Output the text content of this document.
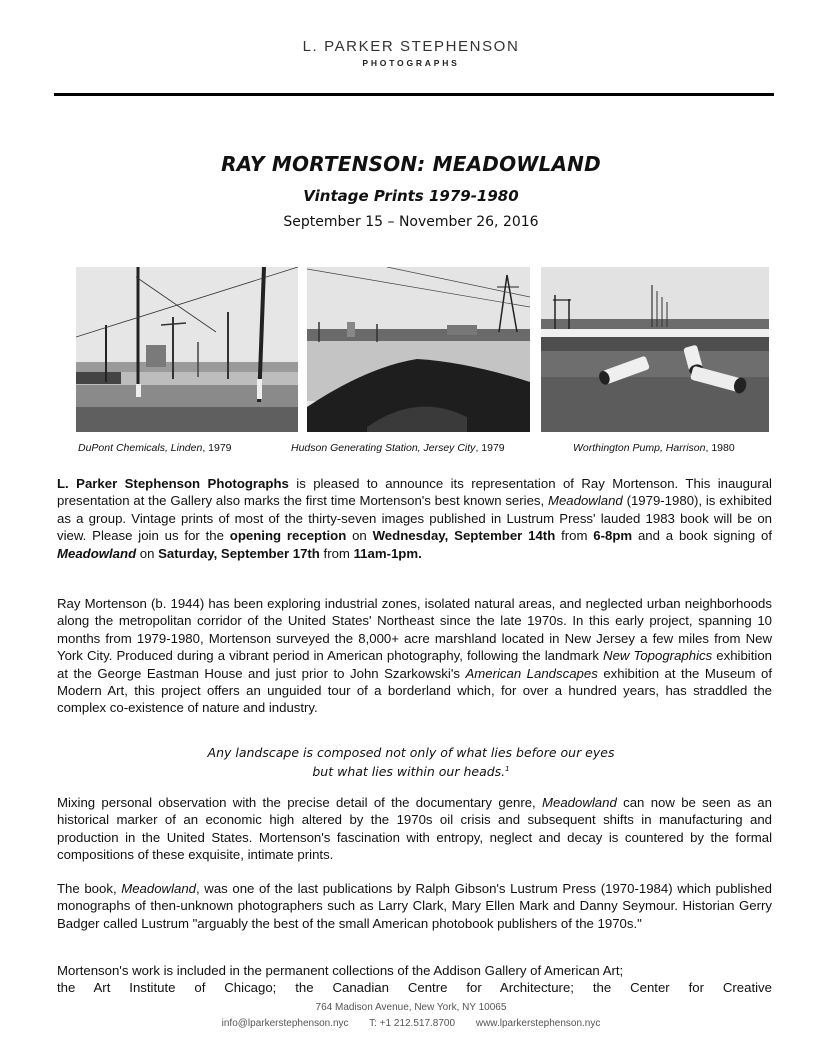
L. PARKER STEPHENSON
PHOTOGRAPHS
RAY MORTENSON: MEADOWLAND
Vintage Prints 1979-1980
September 15 – November 26, 2016
DuPont Chemicals, Linden, 1979	Hudson Generating Station, Jersey City, 1979	Worthington Pump, Harrison, 1980
L. Parker Stephenson Photographs is pleased to announce its representation of Ray Mortenson. This inaugural presentation at the Gallery also marks the first time Mortenson's best known series, Meadowland (1979-1980), is exhibited as a group. Vintage prints of most of the thirty-seven images published in Lustrum Press' lauded 1983 book will be on view. Please join us for the opening reception on Wednesday, September 14th from 6-8pm and a book signing of Meadowland on Saturday, September 17th from 11am-1pm.
Ray Mortenson (b. 1944) has been exploring industrial zones, isolated natural areas, and neglected urban neighborhoods along the metropolitan corridor of the United States' Northeast since the late 1970s. In this early project, spanning 10 months from 1979-1980, Mortenson surveyed the 8,000+ acre marshland located in New Jersey a few miles from New York City. Produced during a vibrant period in American photography, following the landmark New Topographics exhibition at the George Eastman House and just prior to John Szarkowski's American Landscapes exhibition at the Museum of Modern Art, this project offers an unguided tour of a borderland which, for over a hundred years, has straddled the complex co-existence of nature and industry.
Any landscape is composed not only of what lies before our eyes
but what lies within our heads.$^1$
Mixing personal observation with the precise detail of the documentary genre, Meadowland can now be seen as an historical marker of an economic high altered by the 1970s oil crisis and subsequent shifts in manufacturing and production in the United States. Mortenson's fascination with entropy, neglect and decay is countered by the formal compositions of these exquisite, intimate prints.
The book, Meadowland, was one of the last publications by Ralph Gibson's Lustrum Press (1970-1984) which published monographs of then-unknown photographers such as Larry Clark, Mary Ellen Mark and Danny Seymour. Historian Gerry Badger called Lustrum "arguably the best of the small American photobook publishers of the 1970s."
Mortenson's work is included in the permanent collections of the Addison Gallery of American Art;
the Art Institute of Chicago; the Canadian Centre for Architecture; the Center for Creative
764 Madison Avenue, New York, NY 10065
info@lparkerstephenson.nyc T: +1 212.517.8700 www.lparkerstephenson.nyc
